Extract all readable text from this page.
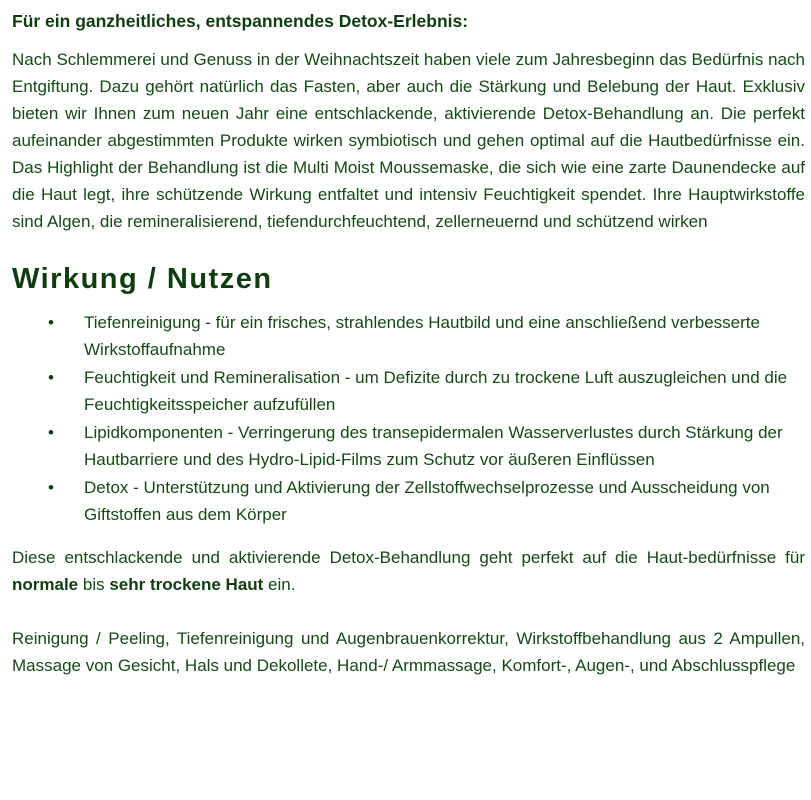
Für ein ganzheitliches, entspannendes Detox-Erlebnis:

Nach Schlemmerei und Genuss in der Weihnachtszeit haben viele zum Jahresbeginn das Bedürfnis nach Entgiftung. Dazu gehört natürlich das Fasten, aber auch die Stärkung und Belebung der Haut. Exklusiv bieten wir Ihnen zum neuen Jahr eine entschlackende, aktivierende Detox-Behandlung an. Die perfekt aufeinander abgestimmten Produkte wirken symbiotisch und gehen optimal auf die Hautbedürfnisse ein. Das Highlight der Behandlung ist die Multi Moist Moussemaske, die sich wie eine zarte Daunendecke auf die Haut legt, ihre schützende Wirkung entfaltet und intensiv Feuchtigkeit spendet. Ihre Hauptwirkstoffe sind Algen, die remineralisierend, tiefendurchfeuchtend, zellerneuernd und schützend wirken

Wirkung / Nutzen
• Tiefenreinigung - für ein frisches, strahlendes Hautbild und eine anschließend verbesserte Wirkstoffaufnahme
• Feuchtigkeit und Remineralisation - um Defizite durch zu trockene Luft auszugleichen und die Feuchtigkeitsspeicher aufzufüllen
• Lipidkomponenten - Verringerung des transepidermalen Wasserverlustes durch Stärkung der Hautbarriere und des Hydro-Lipid-Films zum Schutz vor äußeren Einflüssen
• Detox - Unterstützung und Aktivierung der Zellstoffwechselprozesse und Ausscheidung von Giftstoffen aus dem Körper

Diese entschlackende und aktivierende Detox-Behandlung geht perfekt auf die Haut-bedürfnisse für normale bis sehr trockene Haut ein.

Reinigung / Peeling, Tiefenreinigung und Augenbrauenkorrektur, Wirkstoffbehandlung aus 2 Ampullen, Massage von Gesicht, Hals und Dekollete, Hand-/ Armmassage, Komfort-, Augen-, und Abschlusspflege
